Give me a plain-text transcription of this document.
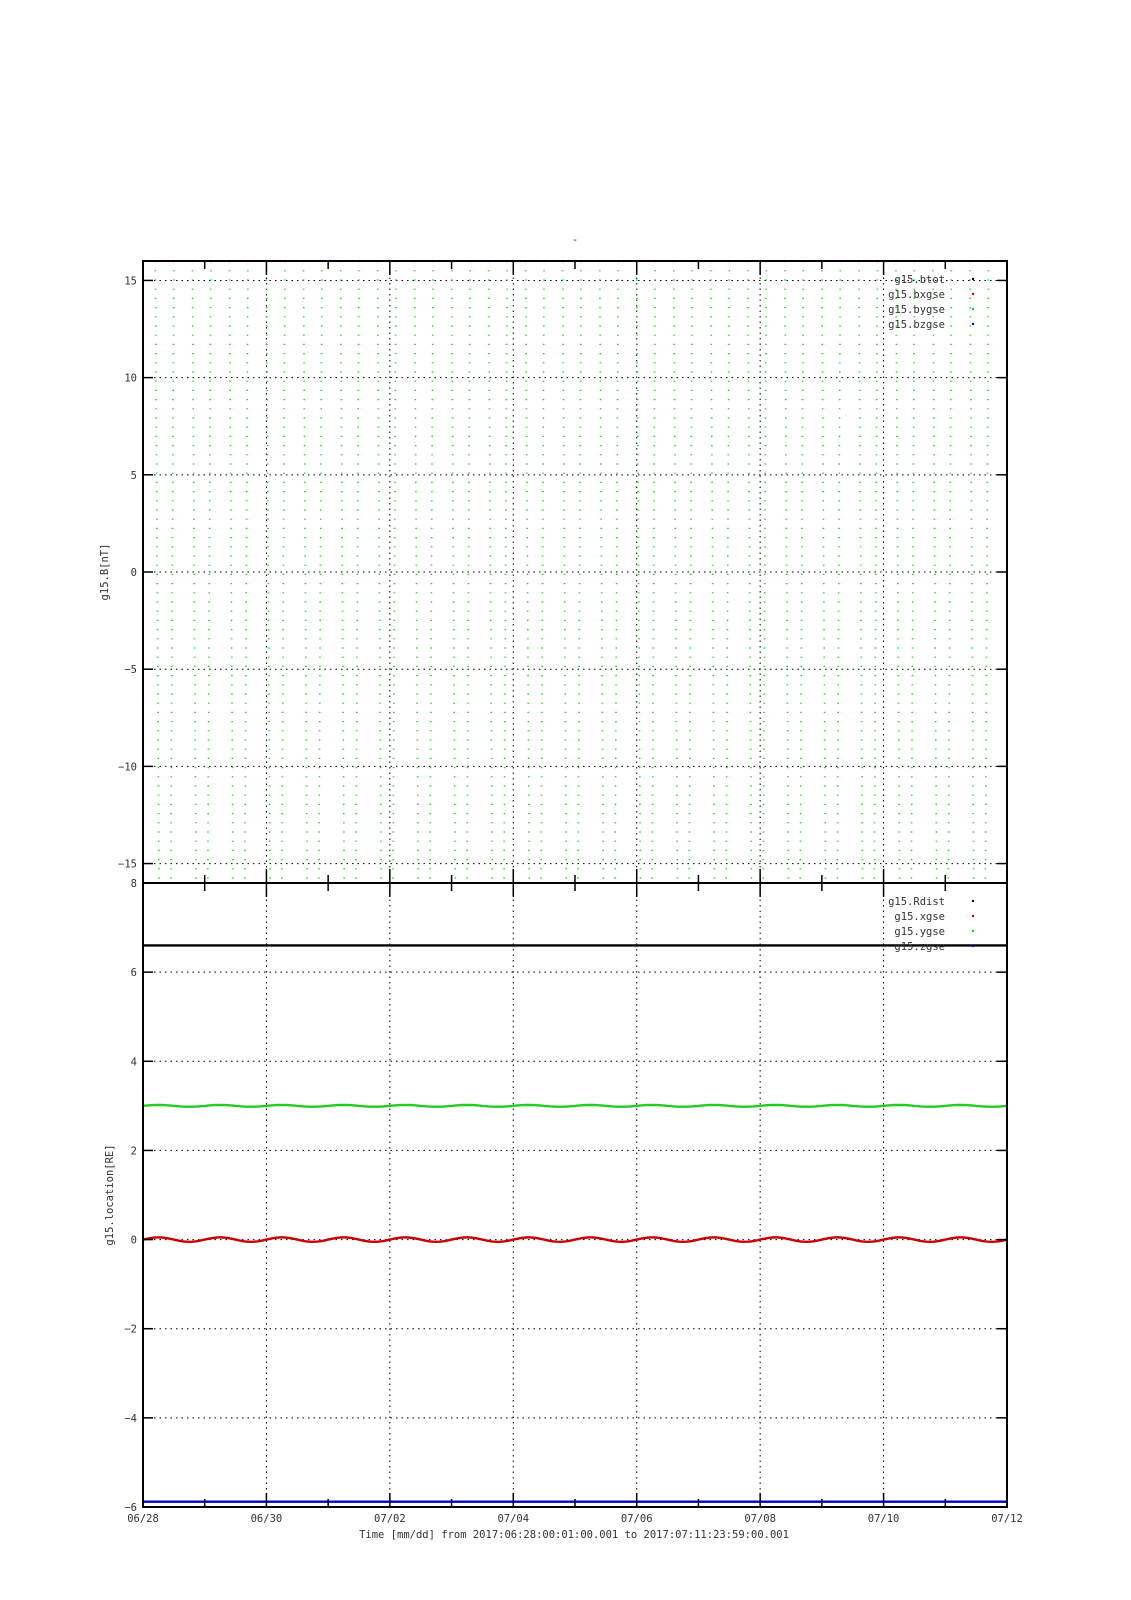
-
15
10
5
0
−5
−10
−15
g15.B[nT]
g15.btot
g15.bxgse
g15.bygse
g15.bzgse
8
6
4
2
0
−2
−4
−6
g15.location[RE]
g15.Rdist
g15.xgse
g15.ygse
g15.zgse
06/28	06/30	07/02	07/04	07/06	07/08	07/10	07/12
Time [mm/dd] from 2017:06:28:00:01:00.001 to 2017:07:11:23:59:00.001
